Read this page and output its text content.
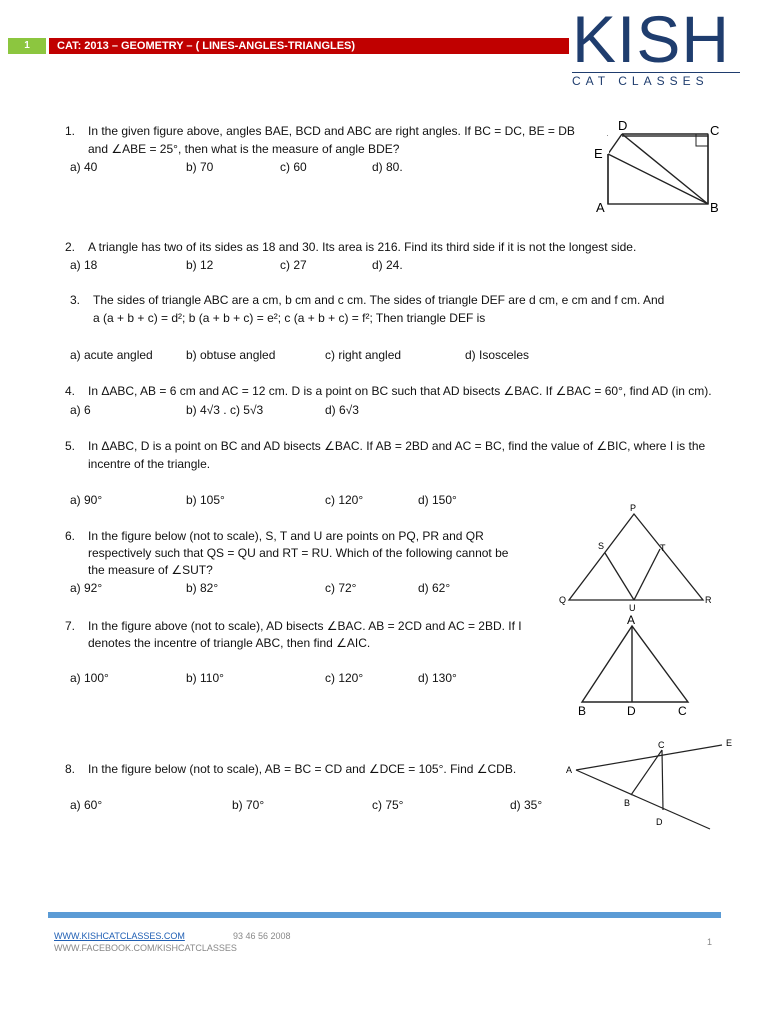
1	CAT: 2013 – GEOMETRY – ( LINES-ANGLES-TRIANGLES)	KISH
CAT CLASSES
1. In the given figure above, angles BAE, BCD and ABC are right angles. If BC = DC, BE = DB
and ∠ABE = 25°, then what is the measure of angle BDE?
a) 40	b) 70	c) 60	d) 80.
D	C
E
A	B
2. A triangle has two of its sides as 18 and 30. Its area is 216. Find its third side if it is not the longest side.
a) 18	b) 12	c) 27	d) 24.
3. The sides of triangle ABC are a cm, b cm and c cm. The sides of triangle DEF are d cm, e cm and f cm. And
a (a + b + c) = d²; b (a + b + c) = e²; c (a + b + c) = f²; Then triangle DEF is
a) acute angled	b) obtuse angled	c) right angled	d) Isosceles
4. In ΔABC, AB = 6 cm and AC = 12 cm. D is a point on BC such that AD bisects ∠BAC. If ∠BAC = 60°, find AD (in cm).
a) 6	b) 4√3 . c) 5√3	d) 6√3
5. In ΔABC, D is a point on BC and AD bisects ∠BAC. If AB = 2BD and AC = BC, find the value of ∠BIC, where I is the
incentre of the triangle.
a) 90°	b) 105°	c) 120°	d) 150°
6. In the figure below (not to scale), S, T and U are points on PQ, PR and QR
respectively such that QS = QU and RT = RU. Which of the following cannot be
the measure of ∠SUT?
a) 92°	b) 82°	c) 72°	d) 62°
P
S	T
Q	R
U
7. In the figure above (not to scale), AD bisects ∠BAC. AB = 2CD and AC = 2BD. If I
denotes the incentre of triangle ABC, then find ∠AIC.
a) 100°	b) 110°	c) 120°	d) 130°
A
B	D	C
8. In the figure below (not to scale), AB = BC = CD and ∠DCE = 105°. Find ∠CDB.
a) 60°	b) 70°	c) 75°	d) 35°
A
C	E
B
D
WWW.KISHCATCLASSES.COM	93 46 56 2008
WWW.FACEBOOK.COM/KISHCATCLASSES
1
